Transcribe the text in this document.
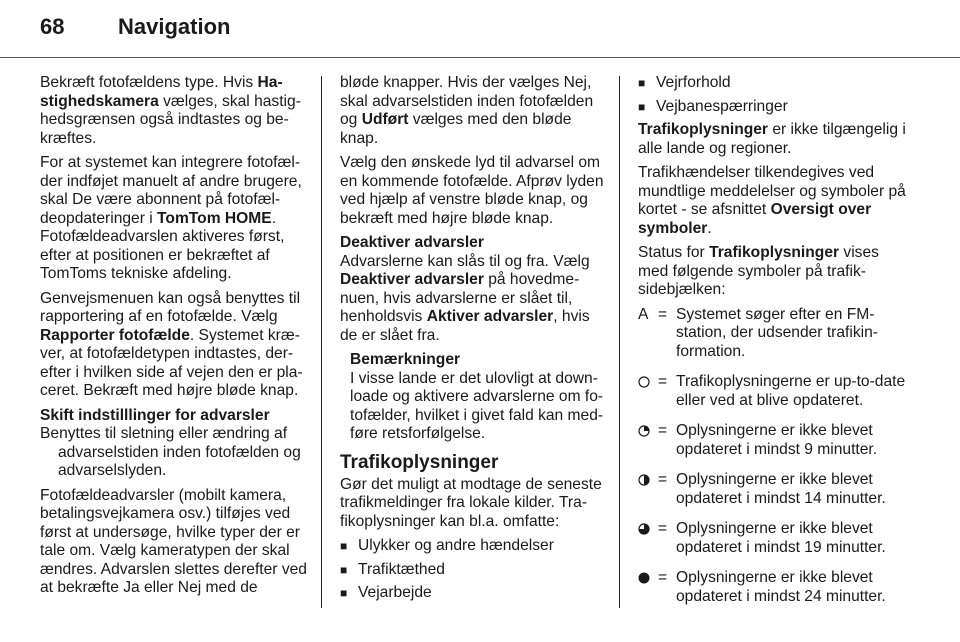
68	Navigation

Bekræft fotofældens type. Hvis Hastighedskamera vælges, skal hastighedsgrænsen også indtastes og bekræftes.

For at systemet kan integrere fotofælder indføjet manuelt af andre brugere, skal De være abonnent på fotofældeopdateringer i TomTom HOME. Fotofældeadvarslen aktiveres først, efter at positionen er bekræftet af TomToms tekniske afdeling.

Genvejsmenuen kan også benyttes til rapportering af en fotofælde. Vælg Rapporter fotofælde. Systemet kræver, at fotofældetypen indtastes, derefter i hvilken side af vejen den er placeret. Bekræft med højre bløde knap.

Skift indstilllinger for advarsler

Benyttes til sletning eller ændring af advarselstiden inden fotofælden og advarselslyden.

Fotofældeadvarsler (mobilt kamera, betalingsvejkamera osv.) tilføjes ved først at undersøge, hvilke typer der er tale om. Vælg kameratypen der skal ændres. Advarslen slettes derefter ved at bekræfte Ja eller Nej med de

bløde knapper. Hvis der vælges Nej, skal advarselstiden inden fotofælden og Udført vælges med den bløde knap.

Vælg den ønskede lyd til advarsel om en kommende fotofælde. Afprøv lyden ved hjælp af venstre bløde knap, og bekræft med højre bløde knap.

Deaktiver advarsler

Advarslerne kan slås til og fra. Vælg Deaktiver advarsler på hovedmenuen, hvis advarslerne er slået til, henholdsvis Aktiver advarsler, hvis de er slået fra.

Bemærkninger
I visse lande er det ulovligt at downloade og aktivere advarslerne om fotofælder, hvilket i givet fald kan medføre retsforfølgelse.
Trafikoplysninger

Gør det muligt at modtage de seneste trafikmeldinger fra lokale kilder. Trafikoplysninger kan bl.a. omfatte:

■ Ulykker og andre hændelser
■ Trafiktæthed
■ Vejarbejde
■ Vejrforhold
■ Vejbanespærringer

Trafikoplysninger er ikke tilgængelig i alle lande og regioner.

Trafikhændelser tilkendegives ved mundtlige meddelelser og symboler på kortet - se afsnittet Oversigt over symboler.

Status for Trafikoplysninger vises med følgende symboler på trafiksidebjælken:

A = Systemet søger efter en FM-station, der udsender trafikinformation.
= Trafikoplysningerne er up-to-date eller ved at blive opdateret.
= Oplysningerne er ikke blevet opdateret i mindst 9 minutter.
= Oplysningerne er ikke blevet opdateret i mindst 14 minutter.
= Oplysningerne er ikke blevet opdateret i mindst 19 minutter.
= Oplysningerne er ikke blevet opdateret i mindst 24 minutter.
